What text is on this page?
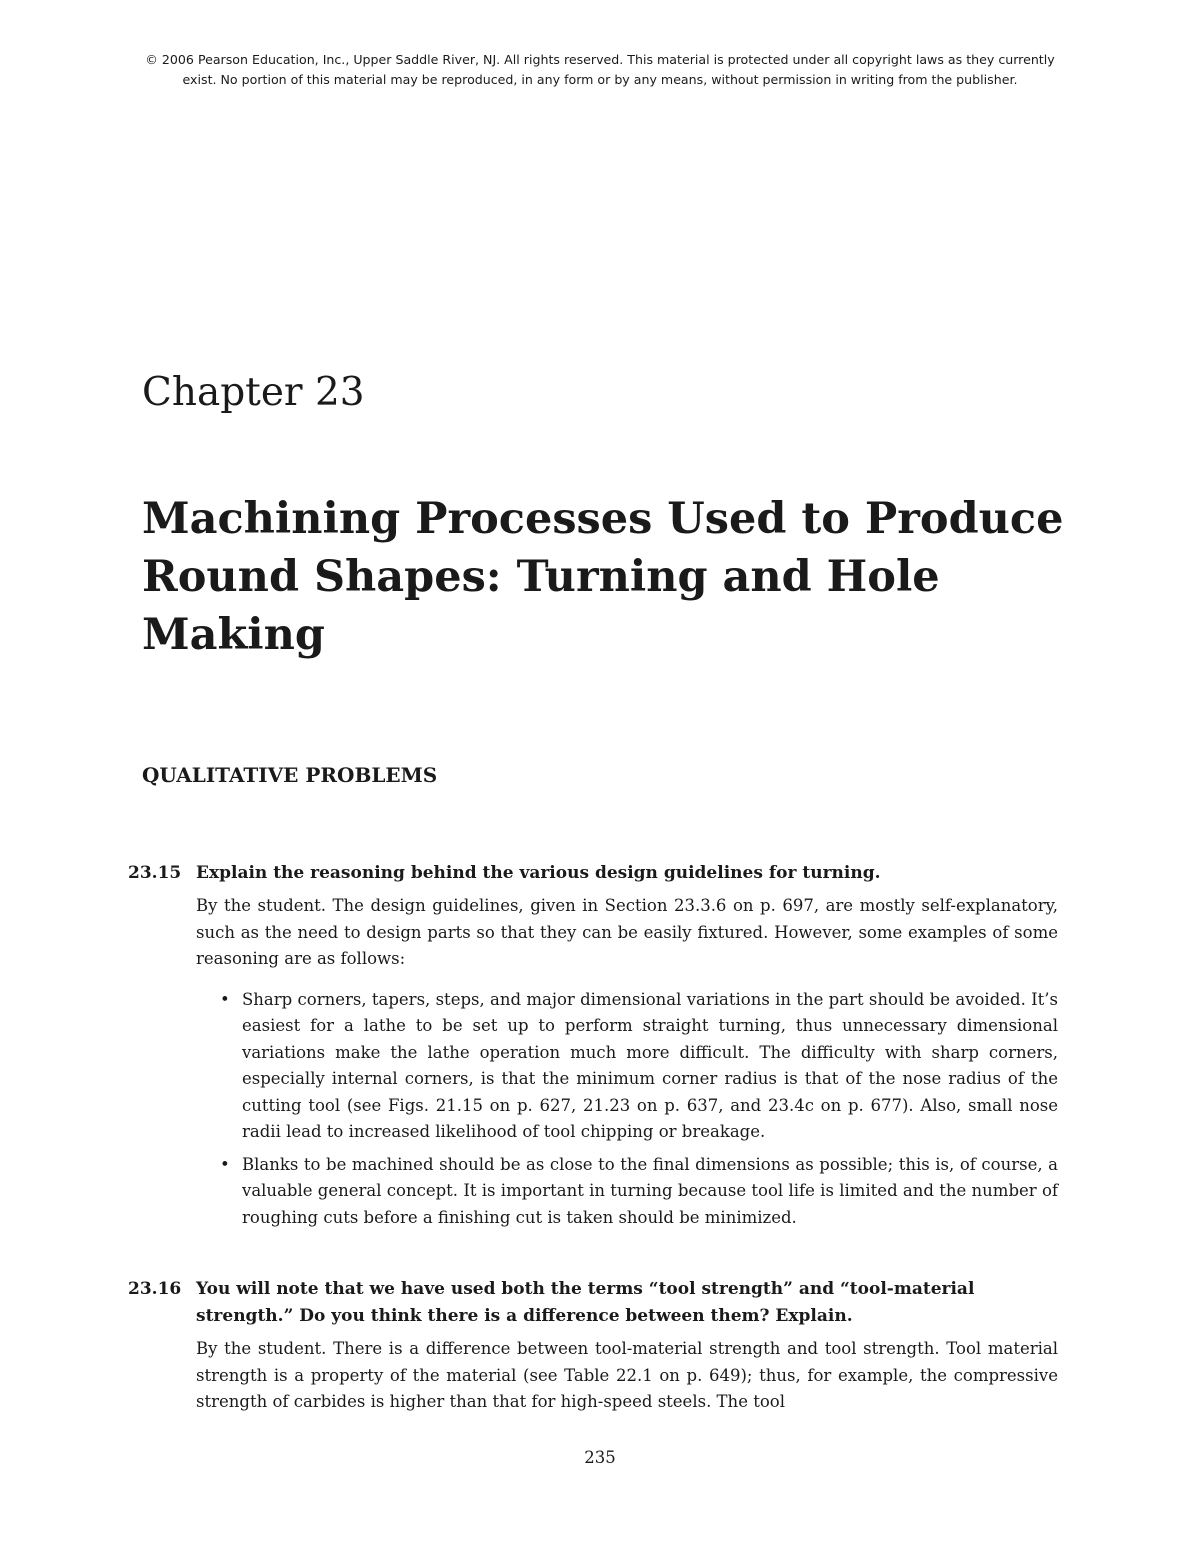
© 2006 Pearson Education, Inc., Upper Saddle River, NJ. All rights reserved. This material is protected under all copyright laws as they currently
exist. No portion of this material may be reproduced, in any form or by any means, without permission in writing from the publisher.
Chapter 23
Machining Processes Used to Produce Round Shapes: Turning and Hole Making
QUALITATIVE PROBLEMS
23.15 Explain the reasoning behind the various design guidelines for turning.
By the student. The design guidelines, given in Section 23.3.6 on p. 697, are mostly self-explanatory, such as the need to design parts so that they can be easily fixtured. However, some examples of some reasoning are as follows:
• Sharp corners, tapers, steps, and major dimensional variations in the part should be avoided. It’s easiest for a lathe to be set up to perform straight turning, thus unnecessary dimensional variations make the lathe operation much more difficult. The difficulty with sharp corners, especially internal corners, is that the minimum corner radius is that of the nose radius of the cutting tool (see Figs. 21.15 on p. 627, 21.23 on p. 637, and 23.4c on p. 677). Also, small nose radii lead to increased likelihood of tool chipping or breakage.
• Blanks to be machined should be as close to the final dimensions as possible; this is, of course, a valuable general concept. It is important in turning because tool life is limited and the number of roughing cuts before a finishing cut is taken should be minimized.
23.16 You will note that we have used both the terms “tool strength” and “tool-material strength.” Do you think there is a difference between them? Explain.
By the student. There is a difference between tool-material strength and tool strength. Tool material strength is a property of the material (see Table 22.1 on p. 649); thus, for example, the compressive strength of carbides is higher than that for high-speed steels. The tool
235
